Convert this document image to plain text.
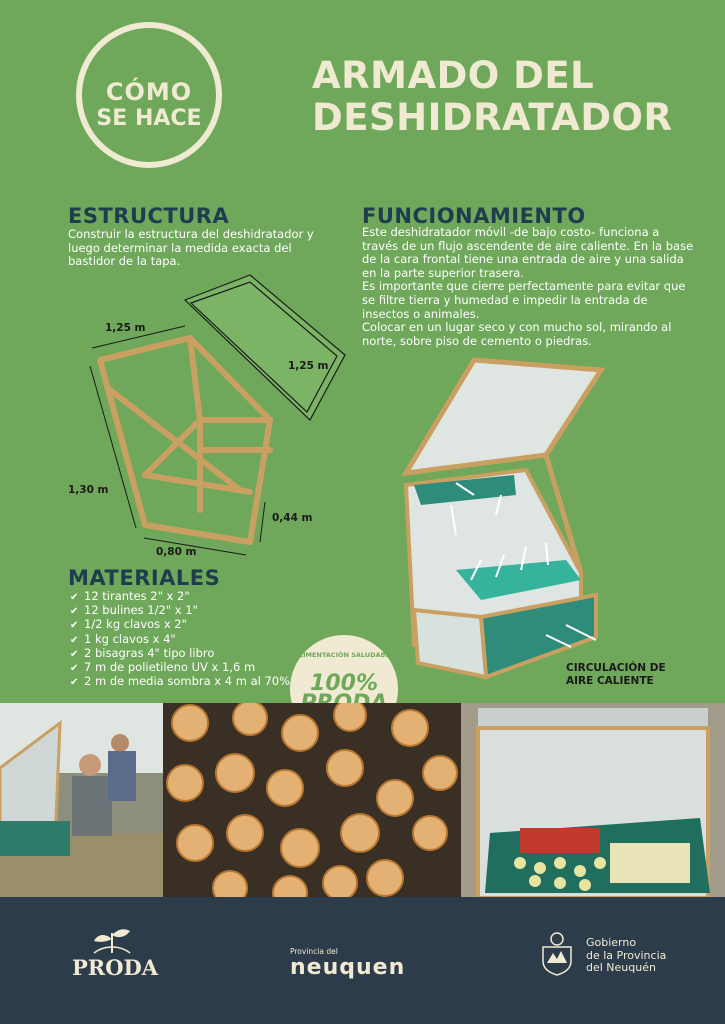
CÓMO
SE HACE
ARMADO DEL
DESHIDRATADOR
ESTRUCTURA
Construir la estructura del deshidratador y luego determinar la medida exacta del bastidor de la tapa.
FUNCIONAMIENTO
Este deshidratador móvil -de bajo costo- funciona a través de un flujo ascendente de aire caliente. En la base de la cara frontal tiene una entrada de aire y una salida en la parte superior trasera.
Es importante que cierre perfectamente para evitar que se filtre tierra y humedad e impedir la entrada de insectos o animales.
Colocar en un lugar seco y con mucho sol, mirando al norte, sobre piso de cemento o piedras.
1,25 m
1,25 m
1,30 m
0,44 m
0,80 m
MATERIALES
✔ 12 tirantes 2" x 2"
✔ 12 bulines 1/2" x 1"
✔ 1/2 kg clavos x 2"
✔ 1 kg clavos x 4"
✔ 2 bisagras 4" tipo libro
✔ 7 m de polietileno UV x 1,6 m
✔ 2 m de media sombra x 4 m al 70%
ALIMENTACIÓN SALUDABLE
100%
CIRCULACIÓN DE
AIRE CALIENTE
PRODA
Provincia del
neuquen
Gobierno
de la Provincia
del Neuquén
